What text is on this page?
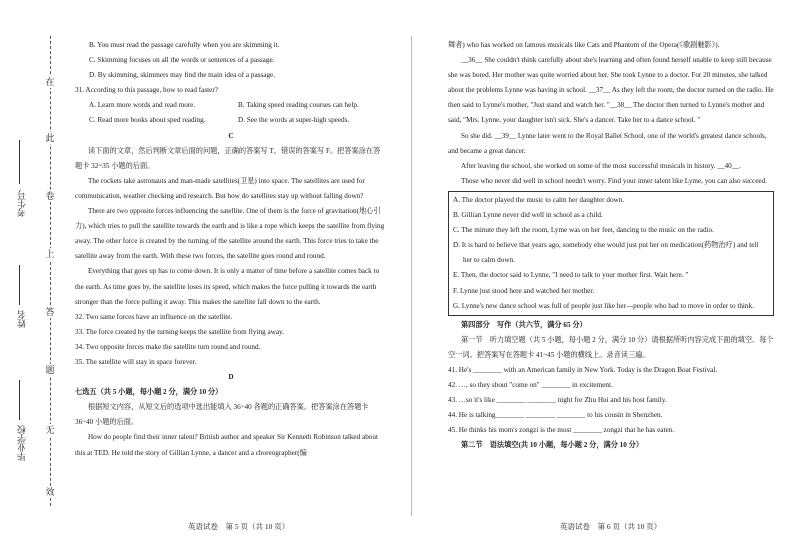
在
此
卷
上
答
题
无
效
考生号
姓名
毕业学校

B. You must read the passage carefully when you are skimming it.

C. Skimming focuses on all the words or sentences of a passage.

D. By skimming, skimmers may find the main idea of a passage.

31. According to this passage, how to read faster?

A. Learn more words and read more.	B. Taking speed reading courses can help.
C. Read more books about sped reading.	D. See the words at super-high speeds.

C

读下面的文章，然后判断文章后面的问题，正确的答案写 T，错误的答案写 F。把答案涂在答题卡 32~35 小题的后面。

The rockets take astronauts and man-made satellites(卫星) into space. The satellites are used for communication, weather checking and research. But how do satellites stay up without falling down?

There are two opposite forces influencing the satellite. One of them is the force of gravitation(地心引力), which tries to pull the satellite towards the earth and is like a rope which keeps the satellite from flying away. The other force is created by the turning of the satellite around the earth. This force tries to take the satellite away from the earth. With these two forces, the satellite goes round and round.

Everything that goes up has to come down. It is only a matter of time before a satellite comes back to the earth. As time goes by, the satellite loses its speed, which makes the force pulling it towards the earth stronger than the force pulling it away. This makes the satellite fall down to the earth.

32. Two same forces have an influence on the satellite.

33. The force created by the turning keeps the satellite from flying away.

34. Two opposite forces make the satellite turn round and round.

35. The satellite will stay in space forever.

D

七选五（共 5 小题，每小题 2 分，满分 10 分）

根据短文内容，从短文后的选项中选出能填入 36~40 各题的正确答案。把答案涂在答题卡 36~40 小题的后面。

How do people find their inner talent? British author and speaker Sir Kenneth Robinson talked about this at TED. He told the story of Gillian Lynne, a dancer and a choreographer(编

英语试卷　第 5 页（共 10 页）

舞者) who has worked on famous musicals like Cats and Phantom of the Opera(《歌剧魅影》).

__36__ She couldn't think carefully about she's learning and often found herself unable to keep still because she was bored. Her mother was quite worried about her. She took Lynne to a doctor. For 20 minutes, she talked about the problems Lynne was having in school. __37__ As they left the room, the doctor turned on the radio. He then said to Lynne's mother, "Just stand and watch her. "__38__ The doctor then turned to Lynne's mother and said, "Mrs. Lynne, your daughter isn't sick. She's a dancer. Take her to a dance school. "

So she did. __39__ Lynne later went to the Royal Ballet School, one of the world's greatest dance schools, and became a great dancer.

After leaving the school, she worked on some of the most successful musicals in history. __40__.

Those who never did well in school needn't worry. Find your inner talent like Lyme, you can also succeed.

A. The doctor played the music to calm her daughter down.

B. Gillian Lynne never did well in school as a child.

C. The minute they left the room, Lyme was on her feet, dancing to the music on the radio.

D. It is hard to believe that years ago, somebody else would just put her on medication(药物治疗) and tell her to calm down.

E. Then, the doctor said to Lynne, "I need to talk to your mother first. Wait here. "

F. Lynne just stood here and watched her mother.

G. Lynne's new dance school was full of people just like her—people who had to move in order to think.

第四部分　写作（共六节，满分 65 分）

第一节　听力填空题（共 5 小题，每小题 2 分，满分 10 分）请根据所听内容完成下面的填空。每个空一词。把答案写在答题卡 41~45 小题的横线上。录音读三遍。

41. He's ________ with an American family in New York. Today is the Dragon Boat Festival.

42. …, so they shout "come on" ________ in excitement.

43. …so it's like ________ ________ night for Zhu Hui and his host family.

44. He is talking________ ________ ________ to his cousin in Shenzhen.

45. He thinks his mom's zongzi is the most ________ zongzi that he has eaten.

第二节　语法填空(共 10 小题，每小题 2 分，满分 10 分）

英语试卷　第 6 页（共 10 页）
